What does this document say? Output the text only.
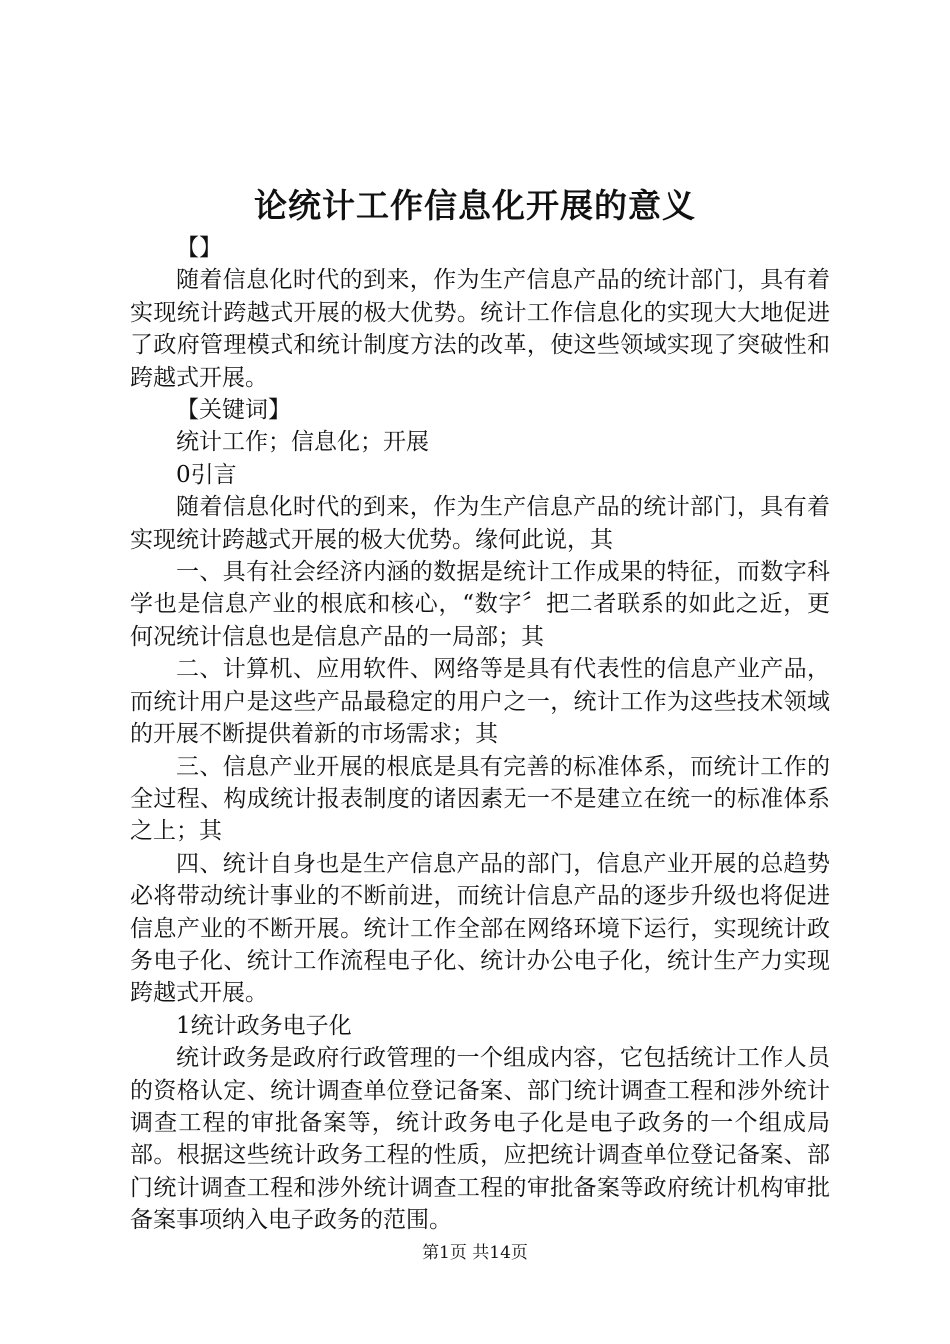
论统计工作信息化开展的意义

【】

随着信息化时代的到来，作为生产信息产品的统计部门，具有着实现统计跨越式开展的极大优势。统计工作信息化的实现大大地促进了政府管理模式和统计制度方法的改革，使这些领域实现了突破性和跨越式开展。

【关键词】

统计工作；信息化；开展

0引言

随着信息化时代的到来，作为生产信息产品的统计部门，具有着实现统计跨越式开展的极大优势。缘何此说，其

一、具有社会经济内涵的数据是统计工作成果的特征，而数字科学也是信息产业的根底和核心，“数字〞把二者联系的如此之近，更何况统计信息也是信息产品的一局部；其

二、计算机、应用软件、网络等是具有代表性的信息产业产品，而统计用户是这些产品最稳定的用户之一，统计工作为这些技术领域的开展不断提供着新的市场需求；其

三、信息产业开展的根底是具有完善的标准体系，而统计工作的全过程、构成统计报表制度的诸因素无一不是建立在统一的标准体系之上；其

四、统计自身也是生产信息产品的部门，信息产业开展的总趋势必将带动统计事业的不断前进，而统计信息产品的逐步升级也将促进信息产业的不断开展。统计工作全部在网络环境下运行，实现统计政务电子化、统计工作流程电子化、统计办公电子化，统计生产力实现跨越式开展。

1统计政务电子化

统计政务是政府行政管理的一个组成内容，它包括统计工作人员的资格认定、统计调查单位登记备案、部门统计调查工程和涉外统计调查工程的审批备案等，统计政务电子化是电子政务的一个组成局部。根据这些统计政务工程的性质，应把统计调查单位登记备案、部门统计调查工程和涉外统计调查工程的审批备案等政府统计机构审批备案事项纳入电子政务的范围。

第1页 共14页
